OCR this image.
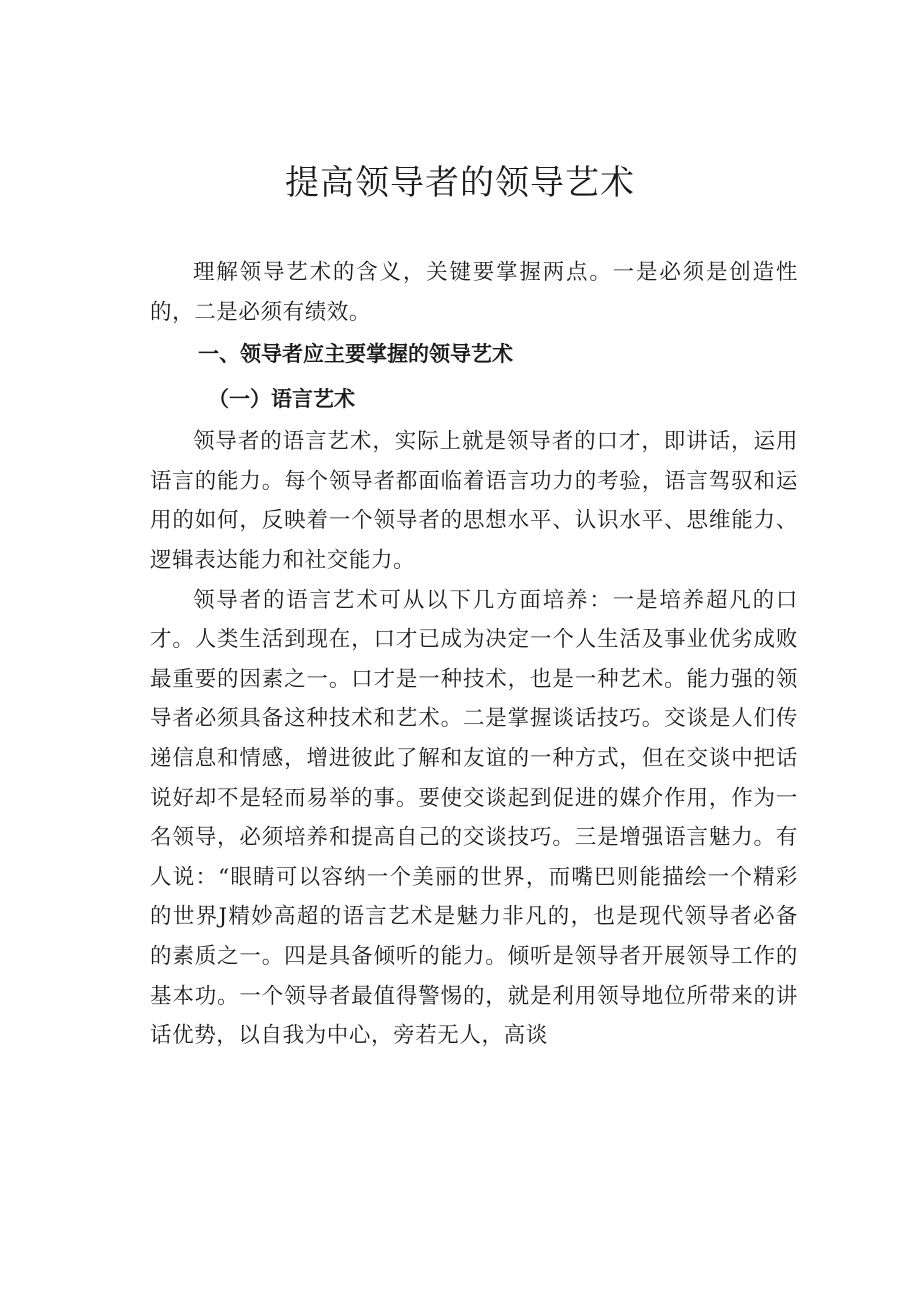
提高领导者的领导艺术

理解领导艺术的含义，关键要掌握两点。一是必须是创造性的，二是必须有绩效。

一、领导者应主要掌握的领导艺术
（一）语言艺术

领导者的语言艺术，实际上就是领导者的口才，即讲话，运用语言的能力。每个领导者都面临着语言功力的考验，语言驾驭和运用的如何，反映着一个领导者的思想水平、认识水平、思维能力、逻辑表达能力和社交能力。

领导者的语言艺术可从以下几方面培养：一是培养超凡的口才。人类生活到现在，口才已成为决定一个人生活及事业优劣成败最重要的因素之一。口才是一种技术，也是一种艺术。能力强的领导者必须具备这种技术和艺术。二是掌握谈话技巧。交谈是人们传递信息和情感，增进彼此了解和友谊的一种方式，但在交谈中把话说好却不是轻而易举的事。要使交谈起到促进的媒介作用，作为一名领导，必须培养和提高自己的交谈技巧。三是增强语言魅力。有人说：“眼睛可以容纳一个美丽的世界，而嘴巴则能描绘一个精彩的世界J精妙高超的语言艺术是魅力非凡的，也是现代领导者必备的素质之一。四是具备倾听的能力。倾听是领导者开展领导工作的基本功。一个领导者最值得警惕的，就是利用领导地位所带来的讲话优势，以自我为中心，旁若无人，高谈
